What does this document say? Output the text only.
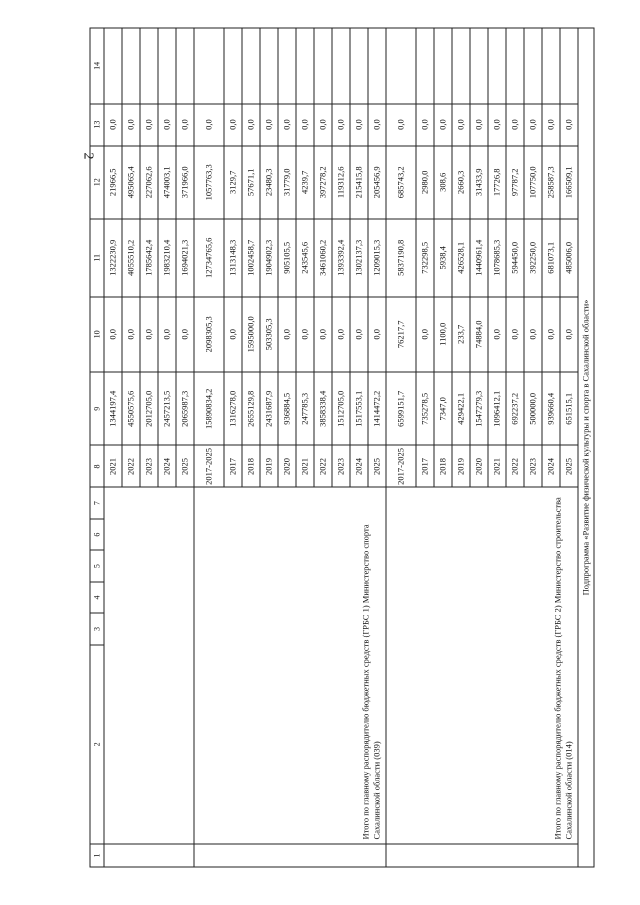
2
1	2	3	4	5	6	7	8	9	10	11	12	13	14
							2021	1344197,4	0,0	1322230,9	21966,5	0,0	
							2022	4550575,6	0,0	4055510,2	495065,4	0,0	
							2023	2012705,0	0,0	1785642,4	227062,6	0,0	
							2024	2457213,5	0,0	1983210,4	474003,1	0,0	
							2025	2065987,3	0,0	1694021,3	371966,0	0,0	
	Итого по главному распорядителю бюджетных средств (ГРБС 1) Министерство спорта Сахалинской области (039)						2017-2025	15890834,2	2098305,3	12734765,6	1057763,3	0,0	
							2017	1316278,0	0,0	1313148,3	3129,7	0,0	
							2018	2655129,8	1595000,0	1002458,7	57671,1	0,0	
							2019	2431687,9	503305,3	1904902,3	23480,3	0,0	
							2020	936884,5	0,0	905105,5	31779,0	0,0	
							2021	247785,3	0,0	243545,6	4239,7	0,0	
							2022	3858338,4	0,0	3461060,2	397278,2	0,0	
							2023	1512705,0	0,0	1393392,4	119312,6	0,0	
							2024	1517553,1	0,0	1302137,3	215415,8	0,0	
							2025	1414472,2	0,0	1209015,3	205456,9	0,0	
	Итого по главному распорядителю бюджетных средств (ГРБС 2) Министерство строительства Сахалинской области (014)						2017-2025	6599151,7	76217,7	5837190,8	685743,2	0,0	
							2017	735278,5	0,0	732298,5	2980,0	0,0	
							2018	7347,0	1100,0	5938,4	308,6	0,0	
							2019	429422,1	233,7	426528,1	2660,3	0,0	
							2020	1547279,3	74884,0	1440961,4	31433,9	0,0	
							2021	1096412,1	0,0	1078685,3	17726,8	0,0	
							2022	692237,2	0,0	594450,0	97787,2	0,0	
							2023	500000,0	0,0	392250,0	107750,0	0,0	
							2024	939660,4	0,0	681073,1	258587,3	0,0	
							2025	651515,1	0,0	485006,0	166509,1	0,0	
Подпрограмма «Развитие физической культуры и спорта в Сахалинской области»													
